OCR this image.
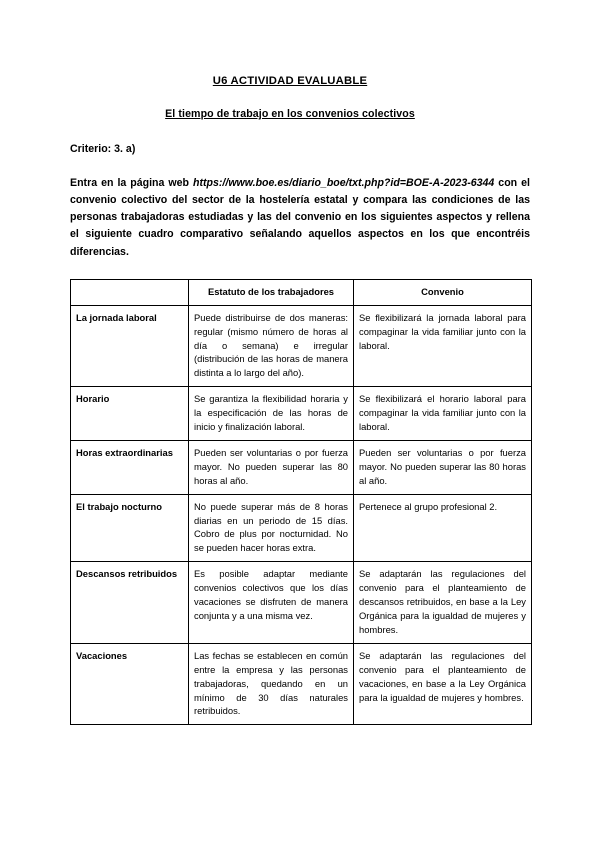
U6 ACTIVIDAD EVALUABLE
El tiempo de trabajo en los convenios colectivos
Criterio: 3. a)

Entra en la página web https://www.boe.es/diario_boe/txt.php?id=BOE-A-2023-6344 con el convenio colectivo del sector de la hostelería estatal y compara las condiciones de las personas trabajadoras estudiadas y las del convenio en los siguientes aspectos y rellena el siguiente cuadro comparativo señalando aquellos aspectos en los que encontréis diferencias.

	Estatuto de los trabajadores	Convenio
La jornada laboral	Puede distribuirse de dos maneras: regular (mismo número de horas al día o semana) e irregular (distribución de las horas de manera distinta a lo largo del año).	Se flexibilizará la jornada laboral para compaginar la vida familiar junto con la laboral.
Horario	Se garantiza la flexibilidad horaria y la especificación de las horas de inicio y finalización laboral.	Se flexibilizará el horario laboral para compaginar la vida familiar junto con la laboral.
Horas extraordinarias	Pueden ser voluntarias o por fuerza mayor. No pueden superar las 80 horas al año.	Pueden ser voluntarias o por fuerza mayor. No pueden superar las 80 horas al año.
El trabajo nocturno	No puede superar más de 8 horas diarias en un periodo de 15 días. Cobro de plus por nocturnidad. No se pueden hacer horas extra.	Pertenece al grupo profesional 2.
Descansos retribuidos	Es posible adaptar mediante convenios colectivos que los días vacaciones se disfruten de manera conjunta y a una misma vez.	Se adaptarán las regulaciones del convenio para el planteamiento de descansos retribuidos, en base a la Ley Orgánica para la igualdad de mujeres y hombres.
Vacaciones	Las fechas se establecen en común entre la empresa y las personas trabajadoras, quedando en un mínimo de 30 días naturales retribuidos.	Se adaptarán las regulaciones del convenio para el planteamiento de vacaciones, en base a la Ley Orgánica para la igualdad de mujeres y hombres.
